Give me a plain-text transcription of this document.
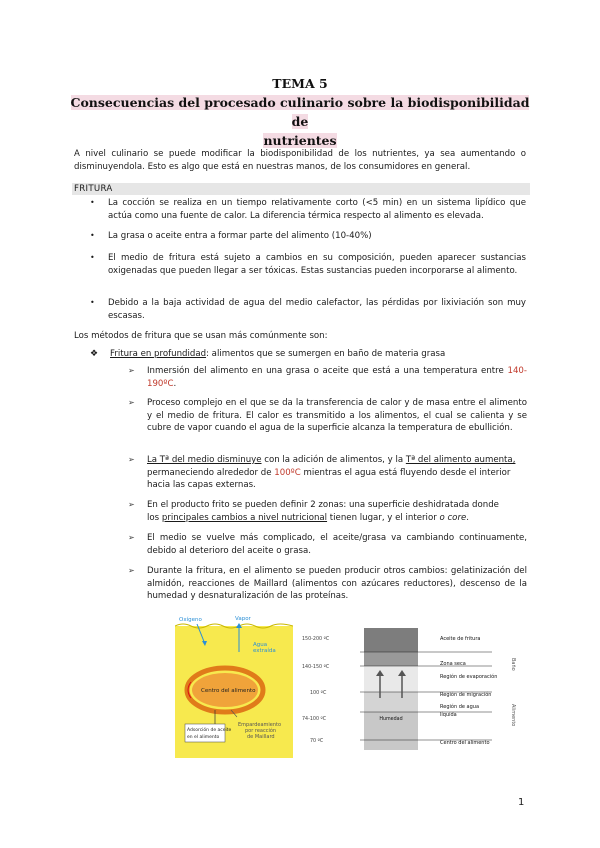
TEMA 5
Consecuencias del procesado culinario sobre la biodisponibilidad de
nutrientes
A nivel culinario se puede modificar la biodisponibilidad de los nutrientes, ya sea aumentando o disminuyendola. Esto es algo que está en nuestras manos, de los consumidores en general.
FRITURA
• La cocción se realiza en un tiempo relativamente corto (<5 min) en un sistema lipídico que actúa como una fuente de calor. La diferencia térmica respecto al alimento es elevada.
• La grasa o aceite entra a formar parte del alimento (10-40%)
• El medio de fritura está sujeto a cambios en su composición, pueden aparecer sustancias oxigenadas que pueden llegar a ser tóxicas. Estas sustancias pueden incorporarse al alimento.
• Debido a la baja actividad de agua del medio calefactor, las pérdidas por lixiviación son muy escasas.
Los métodos de fritura que se usan más comúnmente son:
❖ Fritura en profundidad: alimentos que se sumergen en baño de materia grasa
➢ Inmersión del alimento en una grasa o aceite que está a una temperatura entre 140-190ºC.
➢ Proceso complejo en el que se da la transferencia de calor y de masa entre el alimento y el medio de fritura. El calor es transmitido a los alimentos, el cual se calienta y se cubre de vapor cuando el agua de la superficie alcanza la temperatura de ebullición.
➢ La Tª del medio disminuye con la adición de alimentos, y la Tª del alimento aumenta,
permaneciendo alrededor de 100ºC mientras el agua está fluyendo desde el interior
hacia las capas externas.
➢ En el producto frito se pueden definir 2 zonas: una superficie deshidratada donde
los principales cambios a nivel nutricional tienen lugar, y el interior o core.
➢ El medio se vuelve más complicado, el aceite/grasa va cambiando continuamente, debido al deterioro del aceite o grasa.
➢ Durante la fritura, en el alimento se pueden producir otros cambios: gelatinización del almidón, reacciones de Maillard (alimentos con azúcares reductores), descenso de la humedad y desnaturalización de las proteínas.
Oxígeno	Vapor
Agua
extraída
Centro del alimento
Adsorción de aceite
en el alimento
Empardeamiento
por reacción
de Maillard
Humedad
150-200 ºC
140-150 ºC
100 ºC
74-100 ºC
70 ºC
Aceite de fritura
Zona seca
Región de evaporación
Región de migración
Región de agua
líquida
Centro del alimento
Baño
Alimento
1
